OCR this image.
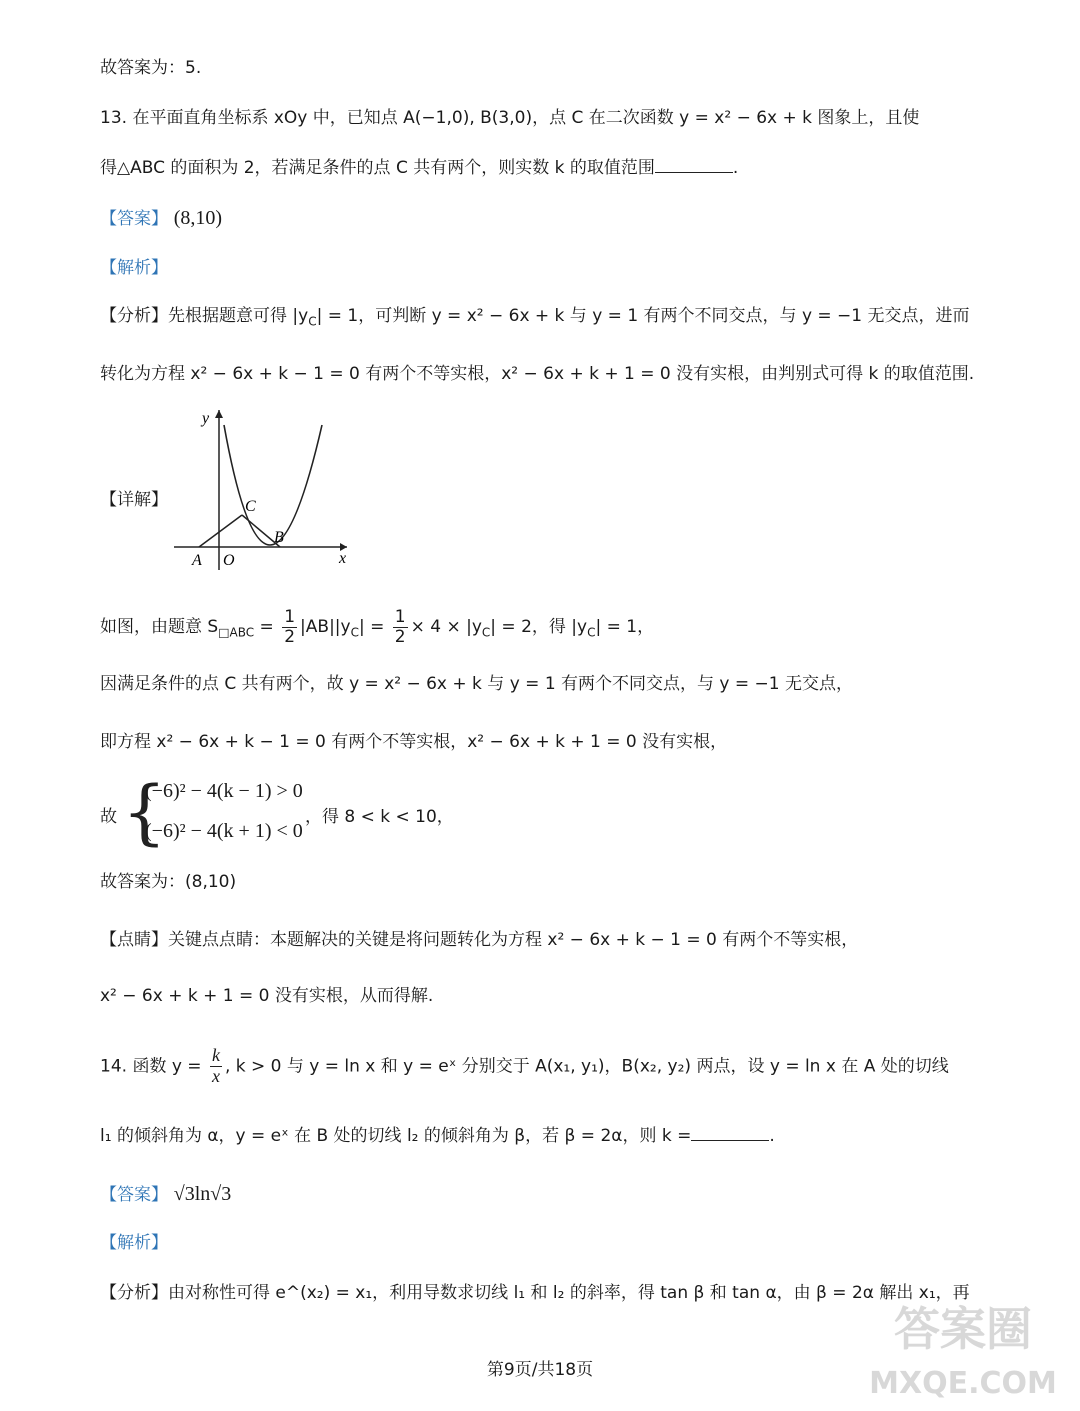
故答案为：5.
13. 在平面直角坐标系 xOy 中，已知点 A(−1,0), B(3,0)，点 C 在二次函数 y = x² − 6x + k 图象上，且使
得△ABC 的面积为 2，若满足条件的点 C 共有两个，则实数 k 的取值范围	.
【答案】 (8,10)
【解析】
【分析】先根据题意可得 $|y_C| = 1$，可判断 y = x² − 6x + k 与 y = 1 有两个不同交点，与 y = −1 无交点，进而
转化为方程 x² − 6x + k − 1 = 0 有两个不等实根，x² − 6x + k + 1 = 0 没有实根，由判别式可得 k 的取值范围.
【详解】
y
x
A O
B
C
如图，由题意 $S_{□ABC} = \frac{1}{2} |AB||y_C| = \frac{1}{2} \times 4 \times |y_C| = 2$，得 $|y_C| = 1$，
因满足条件的点 C 共有两个，故 y = x² − 6x + k 与 y = 1 有两个不同交点，与 y = −1 无交点，
即方程 x² − 6x + k − 1 = 0 有两个不等实根，x² − 6x + k + 1 = 0 没有实根，
故 {
(−6)² − 4(k − 1) > 0
(−6)² − 4(k + 1) < 0
，得 8 < k < 10，
故答案为：(8,10)
【点睛】关键点点睛：本题解决的关键是将问题转化为方程 x² − 6x + k − 1 = 0 有两个不等实根，
x² − 6x + k + 1 = 0 没有实根，从而得解.
14. 函数 $y = \frac{k}{x}$ , k > 0 与 y = ln x 和 y = eˣ 分别交于 A(x₁, y₁)，B(x₂, y₂) 两点，设 y = ln x 在 A 处的切线
l₁ 的倾斜角为 α，y = eˣ 在 B 处的切线 l₂ 的倾斜角为 β，若 β = 2α，则 k =	.
【答案】 √3ln√3
【解析】
【分析】由对称性可得 e^(x₂) = x₁，利用导数求切线 l₁ 和 l₂ 的斜率，得 tan β 和 tan α，由 β = 2α 解出 x₁，再
第9页/共18页
答案圈
MXQE.COM
